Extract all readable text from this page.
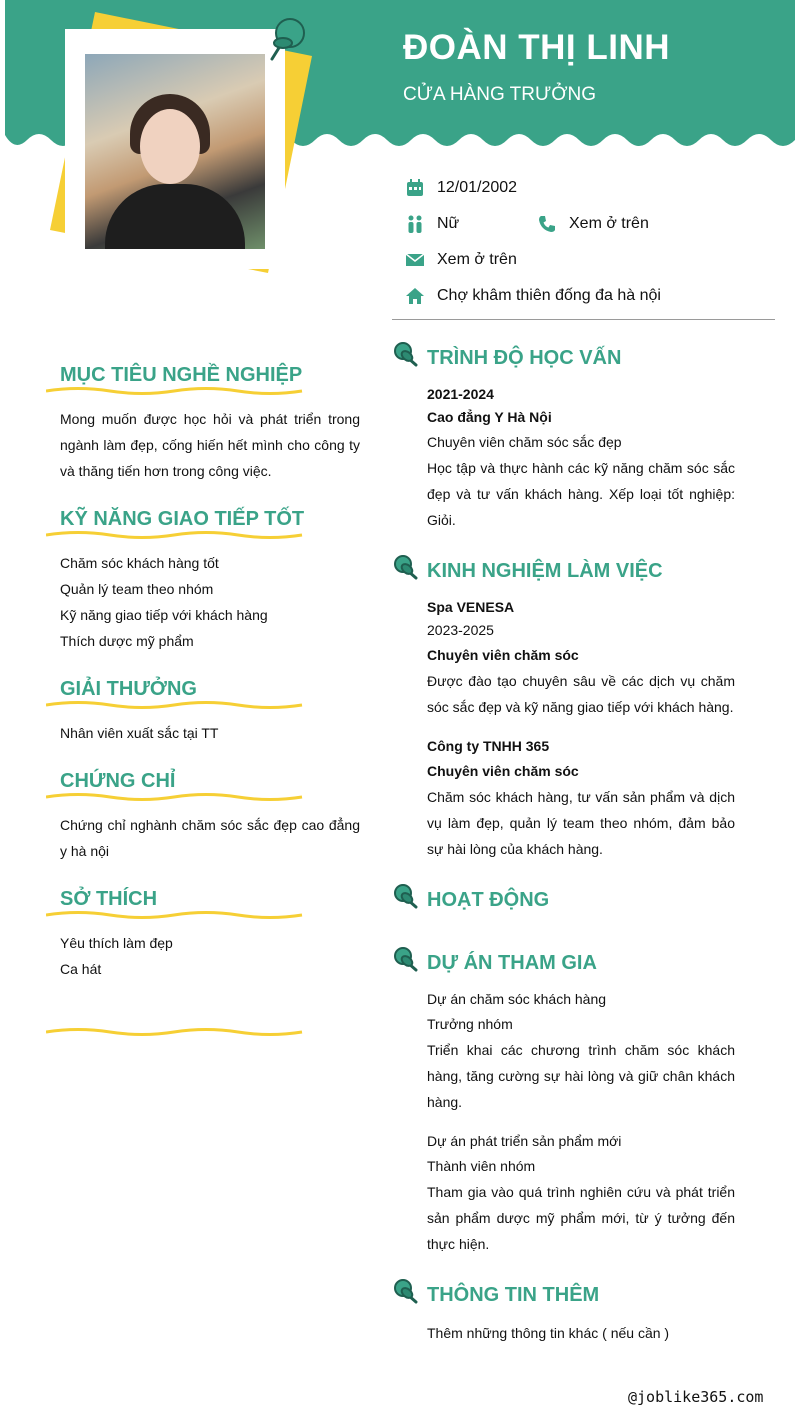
ĐOÀN THỊ LINH
CỬA HÀNG TRƯỞNG
12/01/2002
Nữ	Xem ở trên
Xem ở trên
Chợ khâm thiên đống đa hà nội
MỤC TIÊU NGHỀ NGHIỆP
Mong muốn được học hỏi và phát triển trong ngành làm đẹp, cống hiến hết mình cho công ty và thăng tiến hơn trong công việc.
KỸ NĂNG GIAO TIẾP TỐT
Chăm sóc khách hàng tốt
Quản lý team theo nhóm
Kỹ năng giao tiếp với khách hàng
Thích dược mỹ phẩm
GIẢI THƯỞNG
Nhân viên xuất sắc tại TT
CHỨNG CHỈ
Chứng chỉ nghành chăm sóc sắc đẹp cao đẳng y hà nội
SỞ THÍCH
Yêu thích làm đẹp
Ca hát
TRÌNH ĐỘ HỌC VẤN
2021-2024
Cao đẳng Y Hà Nội
Chuyên viên chăm sóc sắc đẹp
Học tập và thực hành các kỹ năng chăm sóc sắc đẹp và tư vấn khách hàng. Xếp loại tốt nghiệp: Giỏi.
KINH NGHIỆM LÀM VIỆC
Spa VENESA
2023-2025
Chuyên viên chăm sóc
Được đào tạo chuyên sâu về các dịch vụ chăm sóc sắc đẹp và kỹ năng giao tiếp với khách hàng.
Công ty TNHH 365
Chuyên viên chăm sóc
Chăm sóc khách hàng, tư vấn sản phẩm và dịch vụ làm đẹp, quản lý team theo nhóm, đảm bảo sự hài lòng của khách hàng.
HOẠT ĐỘNG
DỰ ÁN THAM GIA
Dự án chăm sóc khách hàng
Trưởng nhóm
Triển khai các chương trình chăm sóc khách hàng, tăng cường sự hài lòng và giữ chân khách hàng.
Dự án phát triển sản phẩm mới
Thành viên nhóm
Tham gia vào quá trình nghiên cứu và phát triển sản phẩm dược mỹ phẩm mới, từ ý tưởng đến thực hiện.
THÔNG TIN THÊM
Thêm những thông tin khác ( nếu cần )
@joblike365.com
